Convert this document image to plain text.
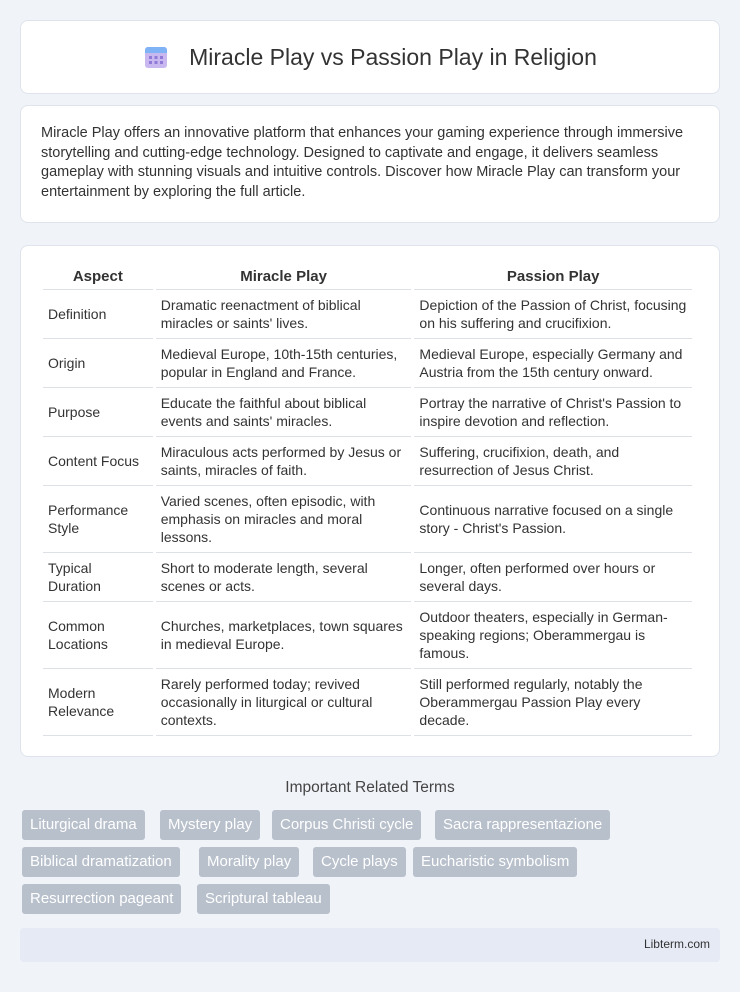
Miracle Play vs Passion Play in Religion

Miracle Play offers an innovative platform that enhances your gaming experience through immersive storytelling and cutting-edge technology. Designed to captivate and engage, it delivers seamless gameplay with stunning visuals and intuitive controls. Discover how Miracle Play can transform your entertainment by exploring the full article.

Aspect	Miracle Play	Passion Play
Definition	Dramatic reenactment of biblical miracles or saints' lives.	Depiction of the Passion of Christ, focusing on his suffering and crucifixion.
Origin	Medieval Europe, 10th-15th centuries, popular in England and France.	Medieval Europe, especially Germany and Austria from the 15th century onward.
Purpose	Educate the faithful about biblical events and saints' miracles.	Portray the narrative of Christ's Passion to inspire devotion and reflection.
Content Focus	Miraculous acts performed by Jesus or saints, miracles of faith.	Suffering, crucifixion, death, and resurrection of Jesus Christ.
Performance Style	Varied scenes, often episodic, with emphasis on miracles and moral lessons.	Continuous narrative focused on a single story - Christ's Passion.
Typical Duration	Short to moderate length, several scenes or acts.	Longer, often performed over hours or several days.
Common Locations	Churches, marketplaces, town squares in medieval Europe.	Outdoor theaters, especially in German-speaking regions; Oberammergau is famous.
Modern Relevance	Rarely performed today; revived occasionally in liturgical or cultural contexts.	Still performed regularly, notably the Oberammergau Passion Play every decade.
Important Related Terms
Liturgical drama	Mystery play	Corpus Christi cycle	Sacra rappresentazione
Biblical dramatization	Morality play	Cycle plays	Eucharistic symbolism
Resurrection pageant	Scriptural tableau
Libterm.com
